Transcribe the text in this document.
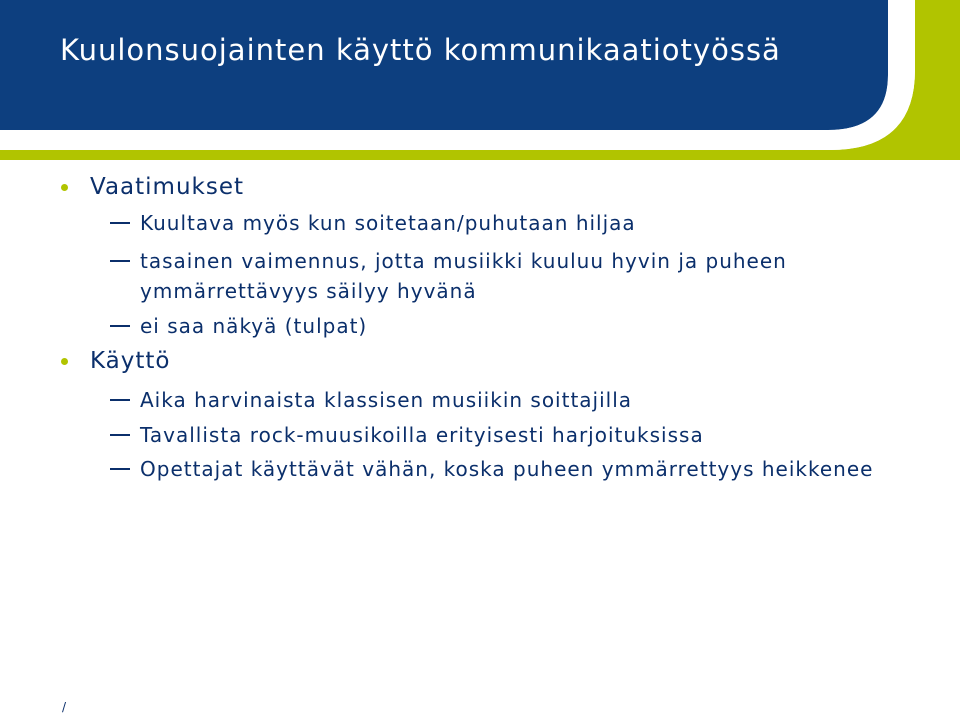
Kuulonsuojainten käyttö kommunikaatiotyössä

Vaatimukset

Kuultava myös kun soitetaan/puhutaan hiljaa

tasainen vaimennus, jotta musiikki kuuluu hyvin ja puheen ymmärrettävyys säilyy hyvänä

ei saa näkyä (tulpat)

Käyttö

Aika harvinaista klassisen musiikin soittajilla

Tavallista rock-muusikoilla erityisesti harjoituksissa

Opettajat käyttävät vähän, koska puheen ymmärrettyys heikkenee

/
